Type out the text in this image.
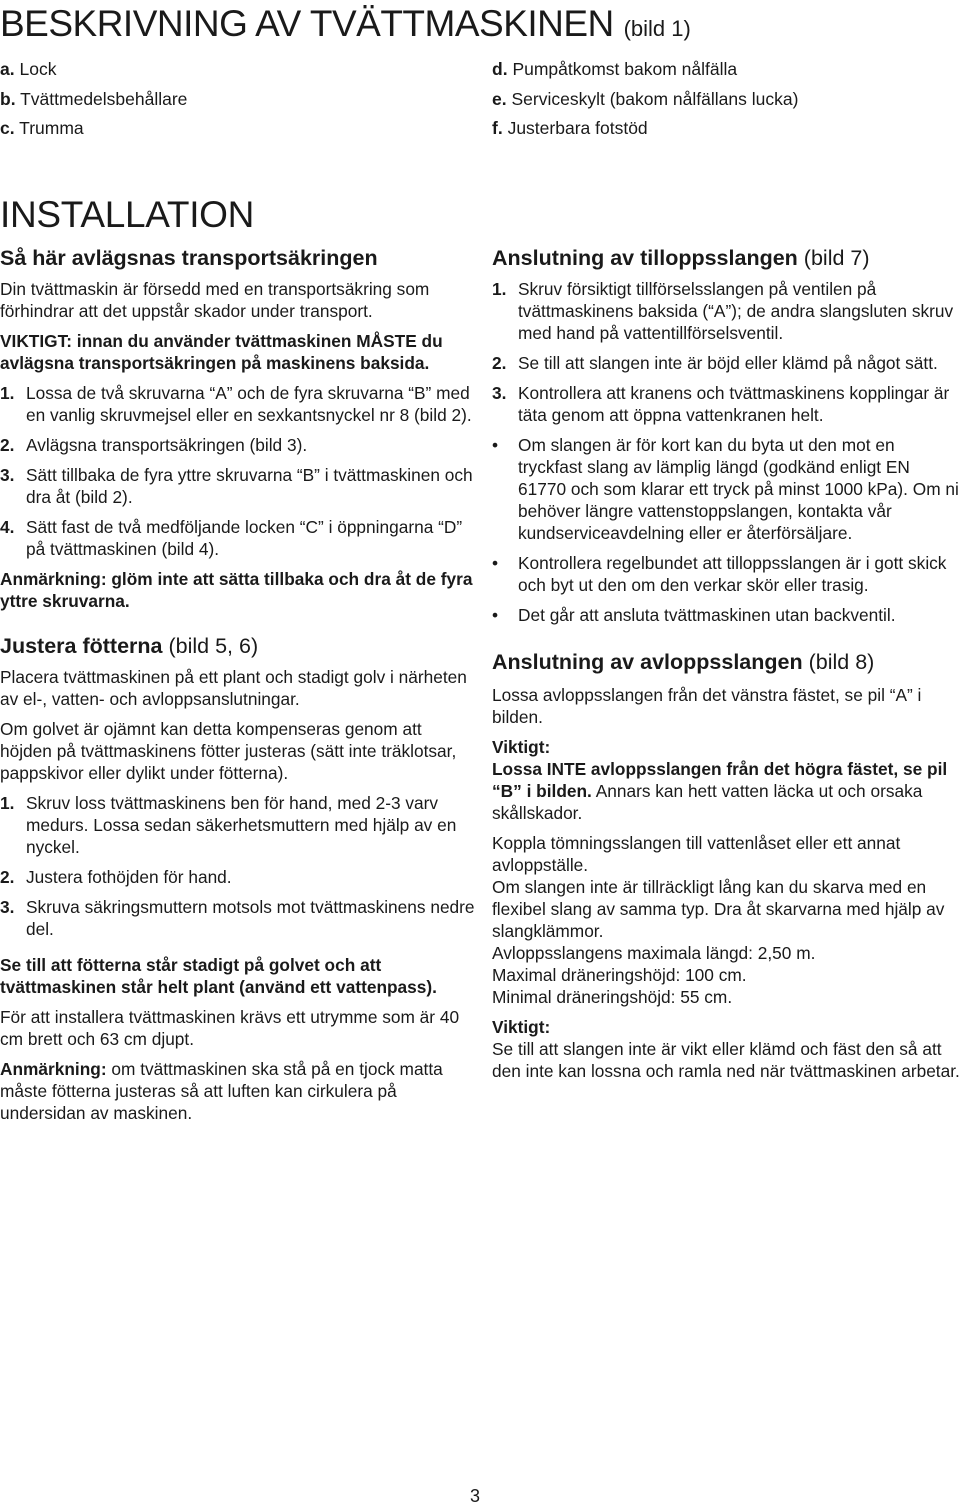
BESKRIVNING AV TVÄTTMASKINEN (bild 1)
a. Lock
b. Tvättmedelsbehållare
c. Trumma
d. Pumpåtkomst bakom nålfälla
e. Serviceskylt (bakom nålfällans lucka)
f. Justerbara fotstöd
INSTALLATION
Så här avlägsnas transportsäkringen

Din tvättmaskin är försedd med en transportsäkring som förhindrar att det uppstår skador under transport.

VIKTIGT: innan du använder tvättmaskinen MÅSTE du avlägsna transportsäkringen på maskinens baksida.

1. Lossa de två skruvarna “A” och de fyra skruvarna “B” med en vanlig skruvmejsel eller en sexkantsnyckel nr 8 (bild 2).
2. Avlägsna transportsäkringen (bild 3).
3. Sätt tillbaka de fyra yttre skruvarna “B” i tvättmaskinen och dra åt (bild 2).
4. Sätt fast de två medföljande locken “C” i öppningarna “D” på tvättmaskinen (bild 4).

Anmärkning: glöm inte att sätta tillbaka och dra åt de fyra yttre skruvarna.

Justera fötterna (bild 5, 6)

Placera tvättmaskinen på ett plant och stadigt golv i närheten av el-, vatten- och avloppsanslutningar.

Om golvet är ojämnt kan detta kompenseras genom att höjden på tvättmaskinens fötter justeras (sätt inte träklotsar, pappskivor eller dylikt under fötterna).

1. Skruv loss tvättmaskinens ben för hand, med 2-3 varv medurs. Lossa sedan säkerhetsmuttern med hjälp av en nyckel.
2. Justera fothöjden för hand.
3. Skruva säkringsmuttern motsols mot tvättmaskinens nedre del.

Se till att fötterna står stadigt på golvet och att tvättmaskinen står helt plant (använd ett vattenpass).

För att installera tvättmaskinen krävs ett utrymme som är 40 cm brett och 63 cm djupt.

Anmärkning: om tvättmaskinen ska stå på en tjock matta måste fötterna justeras så att luften kan cirkulera på undersidan av maskinen.

Anslutning av tilloppsslangen (bild 7)
1. Skruv försiktigt tillförselsslangen på ventilen på tvättmaskinens baksida (“A”); de andra slangsluten skruv med hand på vattentillförselsventil.
2. Se till att slangen inte är böjd eller klämd på något sätt.
3. Kontrollera att kranens och tvättmaskinens kopplingar är täta genom att öppna vattenkranen helt.
•	Om slangen är för kort kan du byta ut den mot en tryckfast slang av lämplig längd (godkänd enligt EN 61770 och som klarar ett tryck på minst 1000 kPa). Om ni behöver längre vattenstoppslangen, kontakta vår kundserviceavdelning eller er återförsäljare.
•	Kontrollera regelbundet att tilloppsslangen är i gott skick och byt ut den om den verkar skör eller trasig.
•	Det går att ansluta tvättmaskinen utan backventil.
Anslutning av avloppsslangen (bild 8)

Lossa avloppsslangen från det vänstra fästet, se pil “A” i bilden.

Viktigt:

Lossa INTE avloppsslangen från det högra fästet, se pil “B” i bilden. Annars kan hett vatten läcka ut och orsaka skållskador.

Koppla tömningsslangen till vattenlåset eller ett annat avloppställe.

Om slangen inte är tillräckligt lång kan du skarva med en flexibel slang av samma typ. Dra åt skarvarna med hjälp av slangklämmor.

Avloppsslangens maximala längd: 2,50 m.

Maximal dräneringshöjd: 100 cm.

Minimal dräneringshöjd: 55 cm.

Viktigt:

Se till att slangen inte är vikt eller klämd och fäst den så att den inte kan lossna och ramla ned när tvättmaskinen arbetar.

3
